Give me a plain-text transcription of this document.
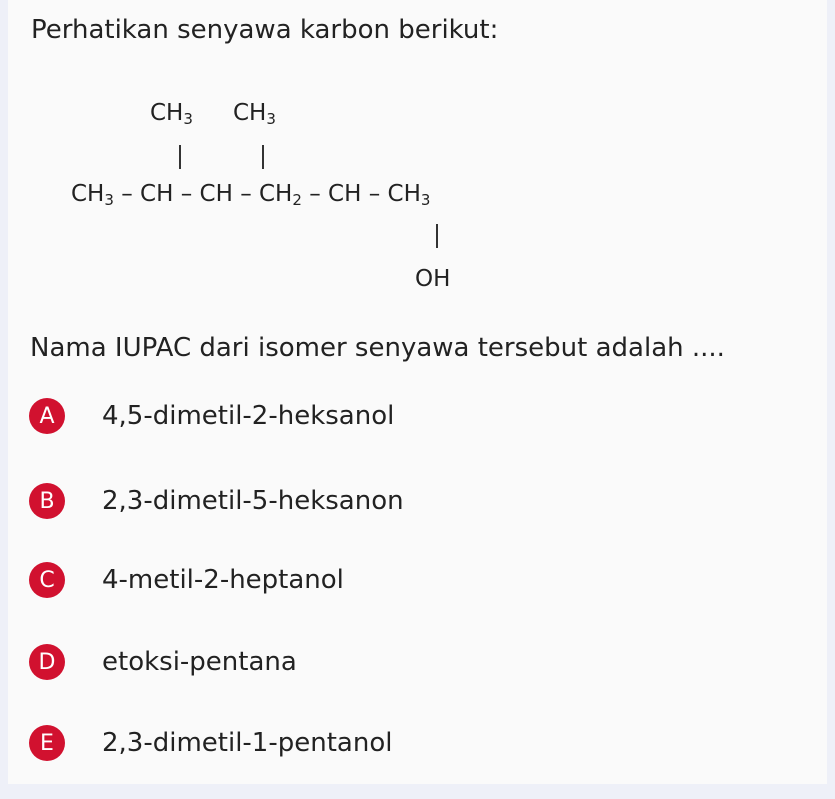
Perhatikan senyawa karbon berikut:
$CH_3$ $CH_3$
$CH_3$ – CH – CH – $CH_2$ – CH – $CH_3$
OH
Nama IUPAC dari isomer senyawa tersebut adalah ....
A	4,5-dimetil-2-heksanol
B	2,3-dimetil-5-heksanon
C	4-metil-2-heptanol
D	etoksi-pentana
E	2,3-dimetil-1-pentanol
